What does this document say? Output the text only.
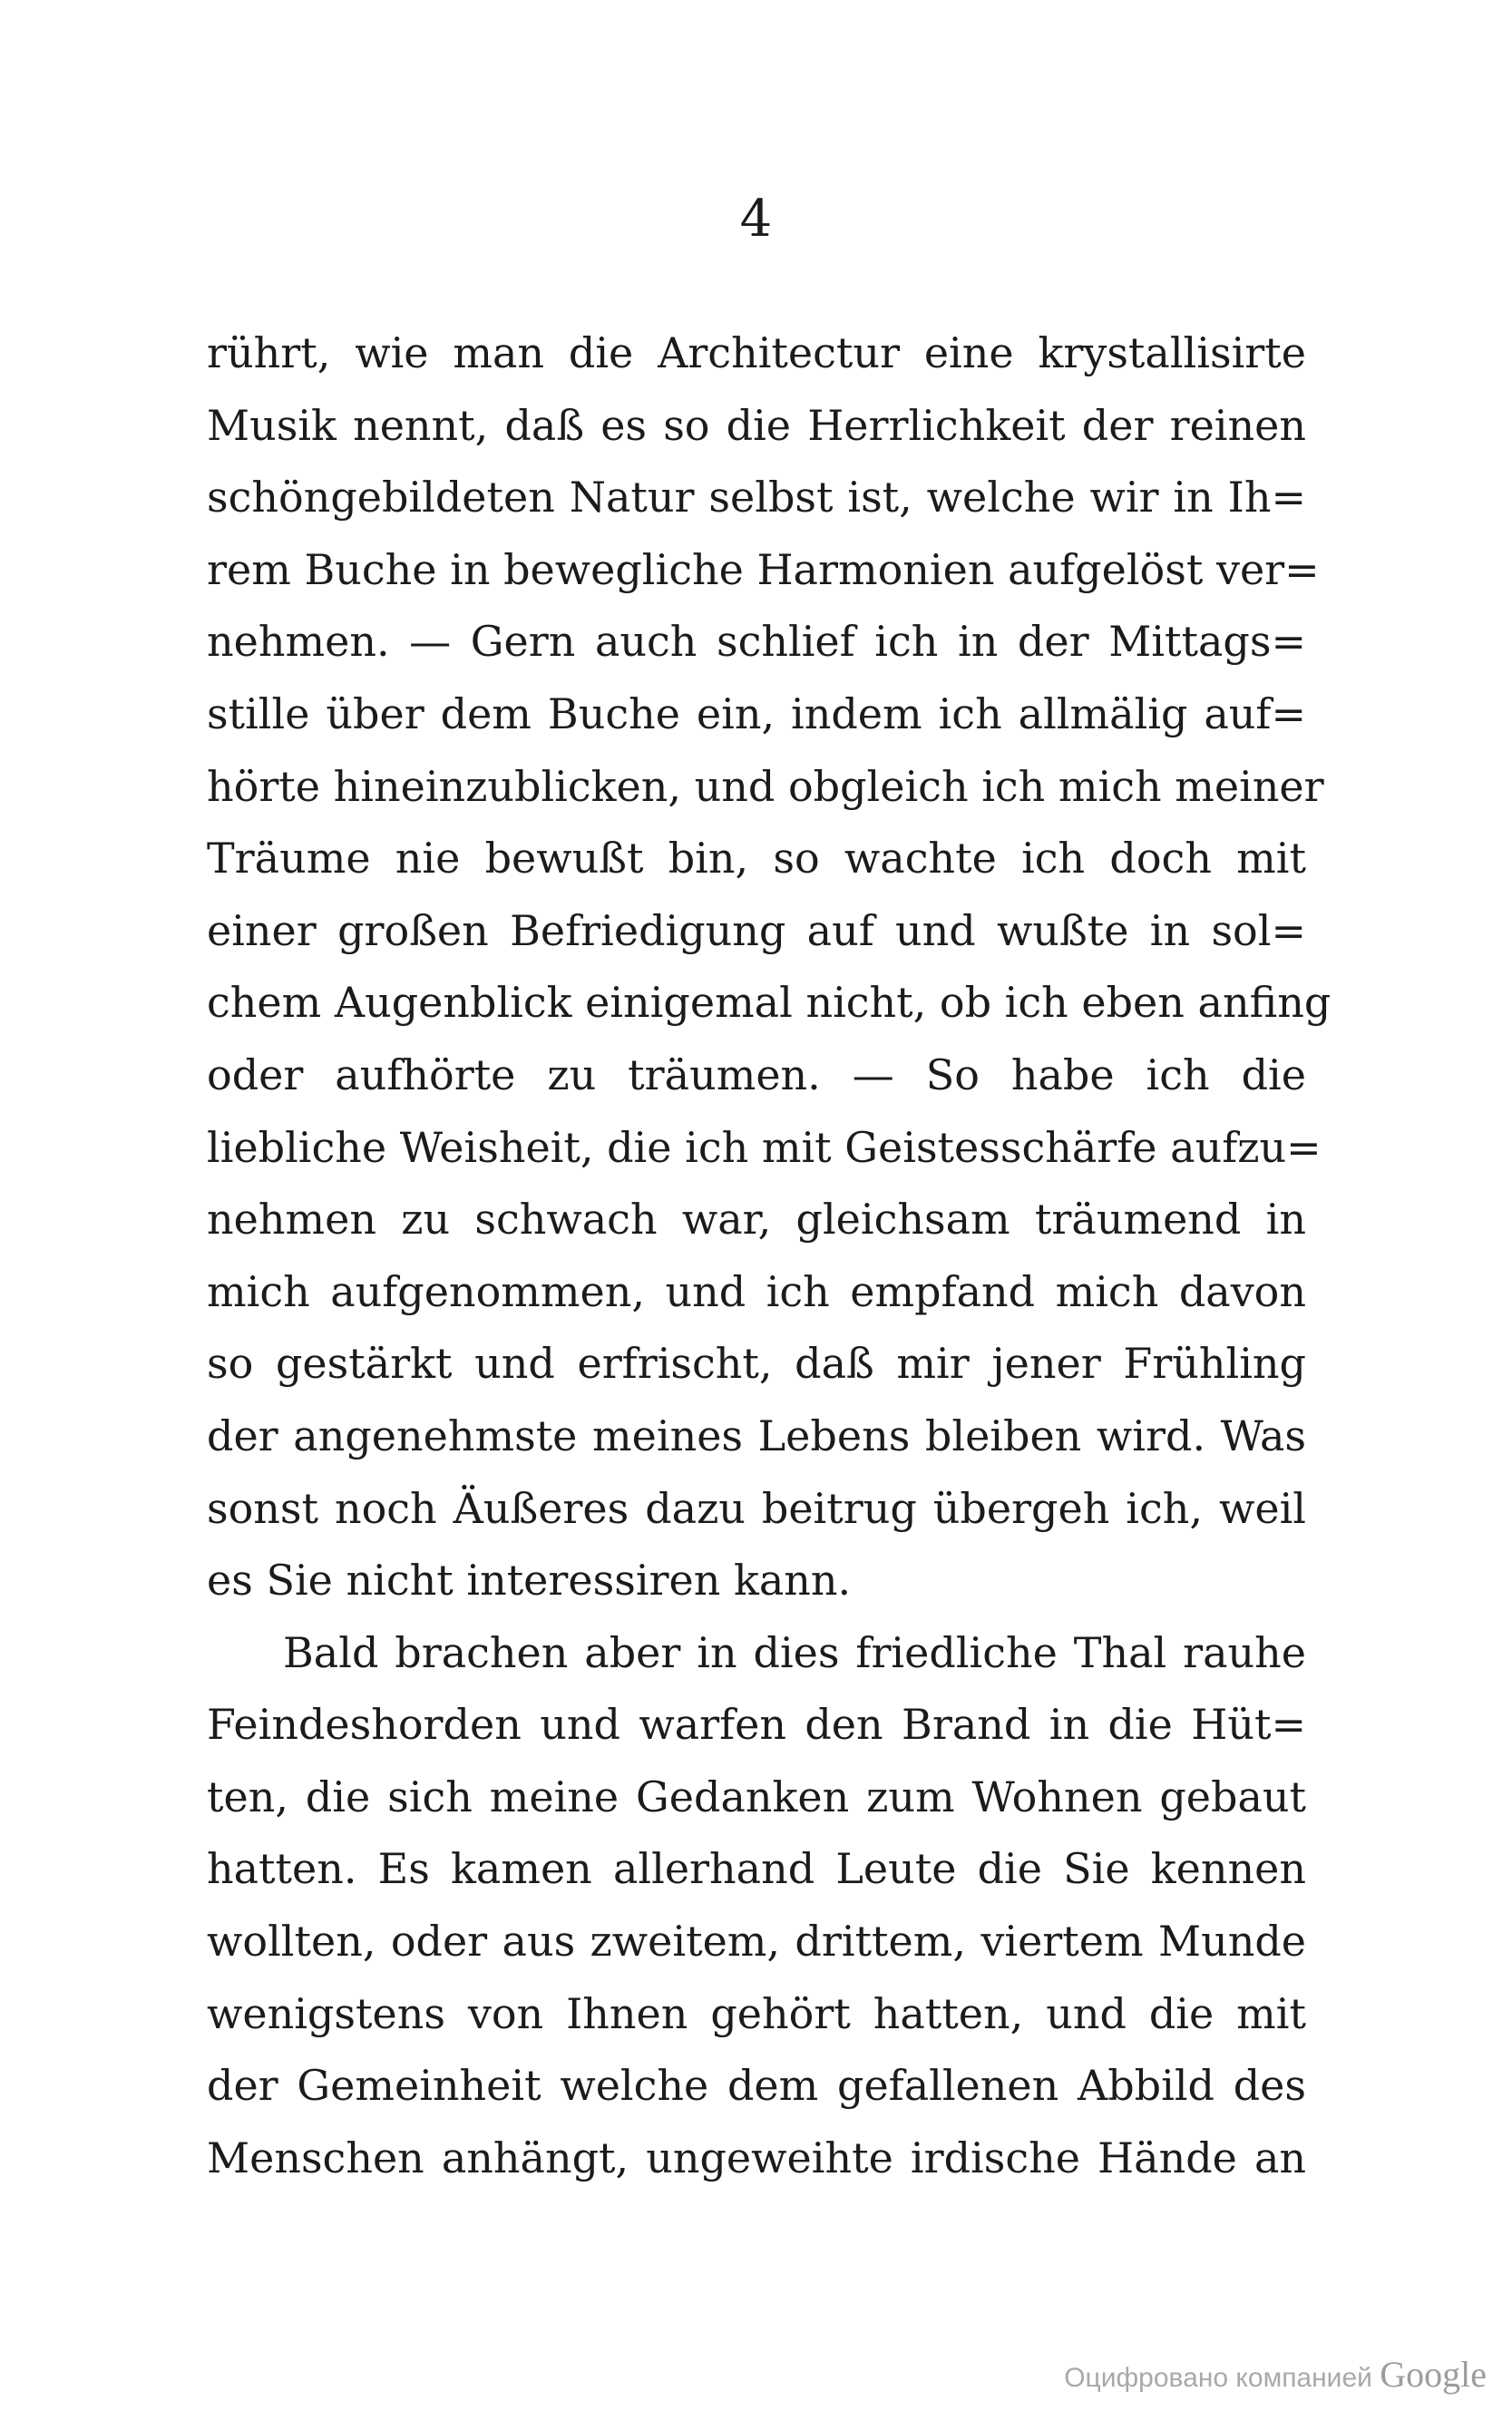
4
rührt, wie man die Architectur eine krystallisirte
Musik nennt, daß es so die Herrlichkeit der reinen
schöngebildeten Natur selbst ist, welche wir in Ih=
rem Buche in bewegliche Harmonien aufgelöst ver=
nehmen. — Gern auch schlief ich in der Mittags=
stille über dem Buche ein, indem ich allmälig auf=
hörte hineinzublicken, und obgleich ich mich meiner
Träume nie bewußt bin, so wachte ich doch mit
einer großen Befriedigung auf und wußte in sol=
chem Augenblick einigemal nicht, ob ich eben anfing
oder aufhörte zu träumen. — So habe ich die
liebliche Weisheit, die ich mit Geistesschärfe aufzu=
nehmen zu schwach war, gleichsam träumend in
mich aufgenommen, und ich empfand mich davon
so gestärkt und erfrischt, daß mir jener Frühling
der angenehmste meines Lebens bleiben wird. Was
sonst noch Äußeres dazu beitrug übergeh ich, weil
es Sie nicht interessiren kann.
Bald brachen aber in dies friedliche Thal rauhe
Feindeshorden und warfen den Brand in die Hüt=
ten, die sich meine Gedanken zum Wohnen gebaut
hatten. Es kamen allerhand Leute die Sie kennen
wollten, oder aus zweitem, drittem, viertem Munde
wenigstens von Ihnen gehört hatten, und die mit
der Gemeinheit welche dem gefallenen Abbild des
Menschen anhängt, ungeweihte irdische Hände an
Оцифровано компанией Google
